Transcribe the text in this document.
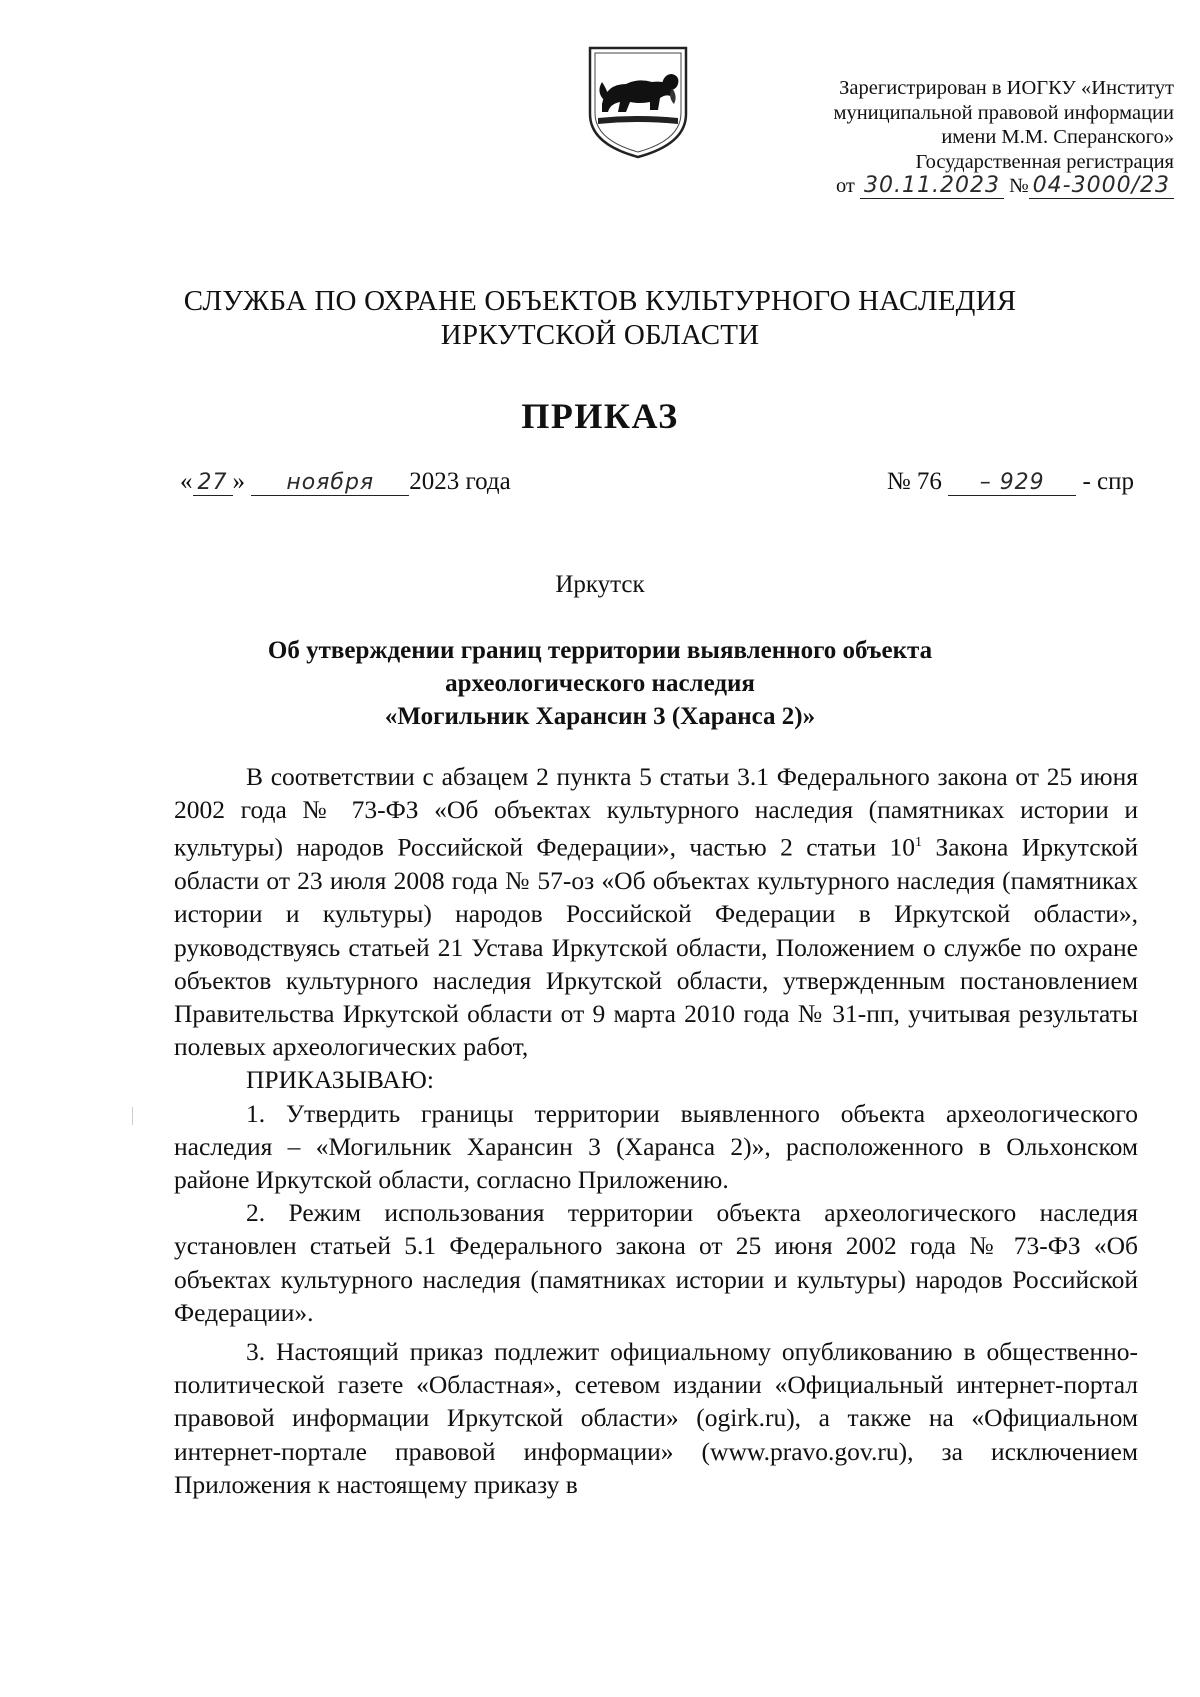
Зарегистрирован в ИОГКУ «Институт
муниципальной правовой информации
имени М.М. Сперанского»
Государственная регистрация
от 30.11.2023 № 04-3000/23
СЛУЖБА ПО ОХРАНЕ ОБЪЕКТОВ КУЛЬТУРНОГО НАСЛЕДИЯ
ИРКУТСКОЙ ОБЛАСТИ
ПРИКАЗ
« 27 » ноября 2023 года	№ 76 – 929 - спр
Иркутск
Об утверждении границ территории выявленного объекта
археологического наследия
«Могильник Харансин 3 (Харанса 2)»

В соответствии с абзацем 2 пункта 5 статьи 3.1 Федерального закона от 25 июня 2002 года № 73-ФЗ «Об объектах культурного наследия (памятниках истории и культуры) народов Российской Федерации», частью 2 статьи $10^1$ Закона Иркутской области от 23 июля 2008 года № 57-оз «Об объектах культурного наследия (памятниках истории и культуры) народов Российской Федерации в Иркутской области», руководствуясь статьей 21 Устава Иркутской области, Положением о службе по охране объектов культурного наследия Иркутской области, утвержденным постановлением Правительства Иркутской области от 9 марта 2010 года № 31-пп, учитывая результаты полевых археологических работ,

ПРИКАЗЫВАЮ:

1. Утвердить границы территории выявленного объекта археологического наследия – «Могильник Харансин 3 (Харанса 2)», расположенного в Ольхонском районе Иркутской области, согласно Приложению.

2. Режим использования территории объекта археологического наследия установлен статьей 5.1 Федерального закона от 25 июня 2002 года № 73-ФЗ «Об объектах культурного наследия (памятниках истории и культуры) народов Российской Федерации».

3. Настоящий приказ подлежит официальному опубликованию в общественно-политической газете «Областная», сетевом издании «Официальный интернет-портал правовой информации Иркутской области» (ogirk.ru), а также на «Официальном интернет-портале правовой информации» (www.pravo.gov.ru), за исключением Приложения к настоящему приказу в
